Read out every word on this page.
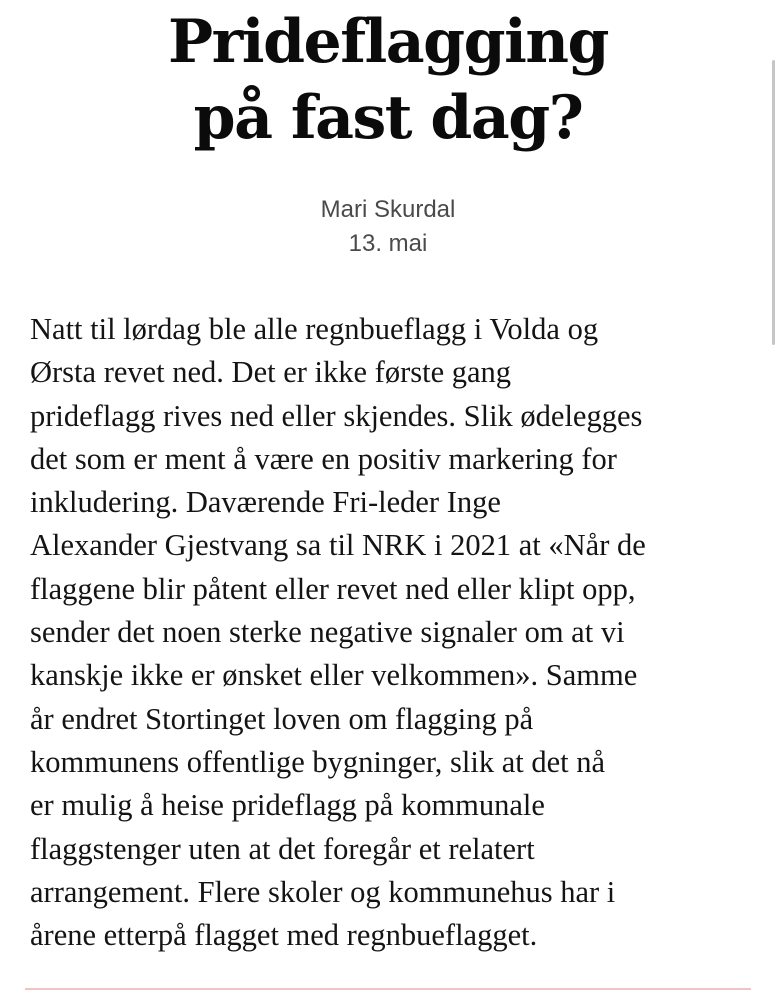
Prideflagging
på fast dag?
Mari Skurdal
13. mai

Natt til lørdag ble alle regnbueflagg i Volda og
Ørsta revet ned. Det er ikke første gang
prideflagg rives ned eller skjendes. Slik ødelegges
det som er ment å være en positiv markering for
inkludering. Daværende Fri-leder Inge
Alexander Gjestvang sa til NRK i 2021 at «Når de
flaggene blir påtent eller revet ned eller klipt opp,
sender det noen sterke negative signaler om at vi
kanskje ikke er ønsket eller velkommen». Samme
år endret Stortinget loven om flagging på
kommunens offentlige bygninger, slik at det nå
er mulig å heise prideflagg på kommunale
flaggstenger uten at det foregår et relatert
arrangement. Flere skoler og kommunehus har i
årene etterpå flagget med regnbueflagget.
